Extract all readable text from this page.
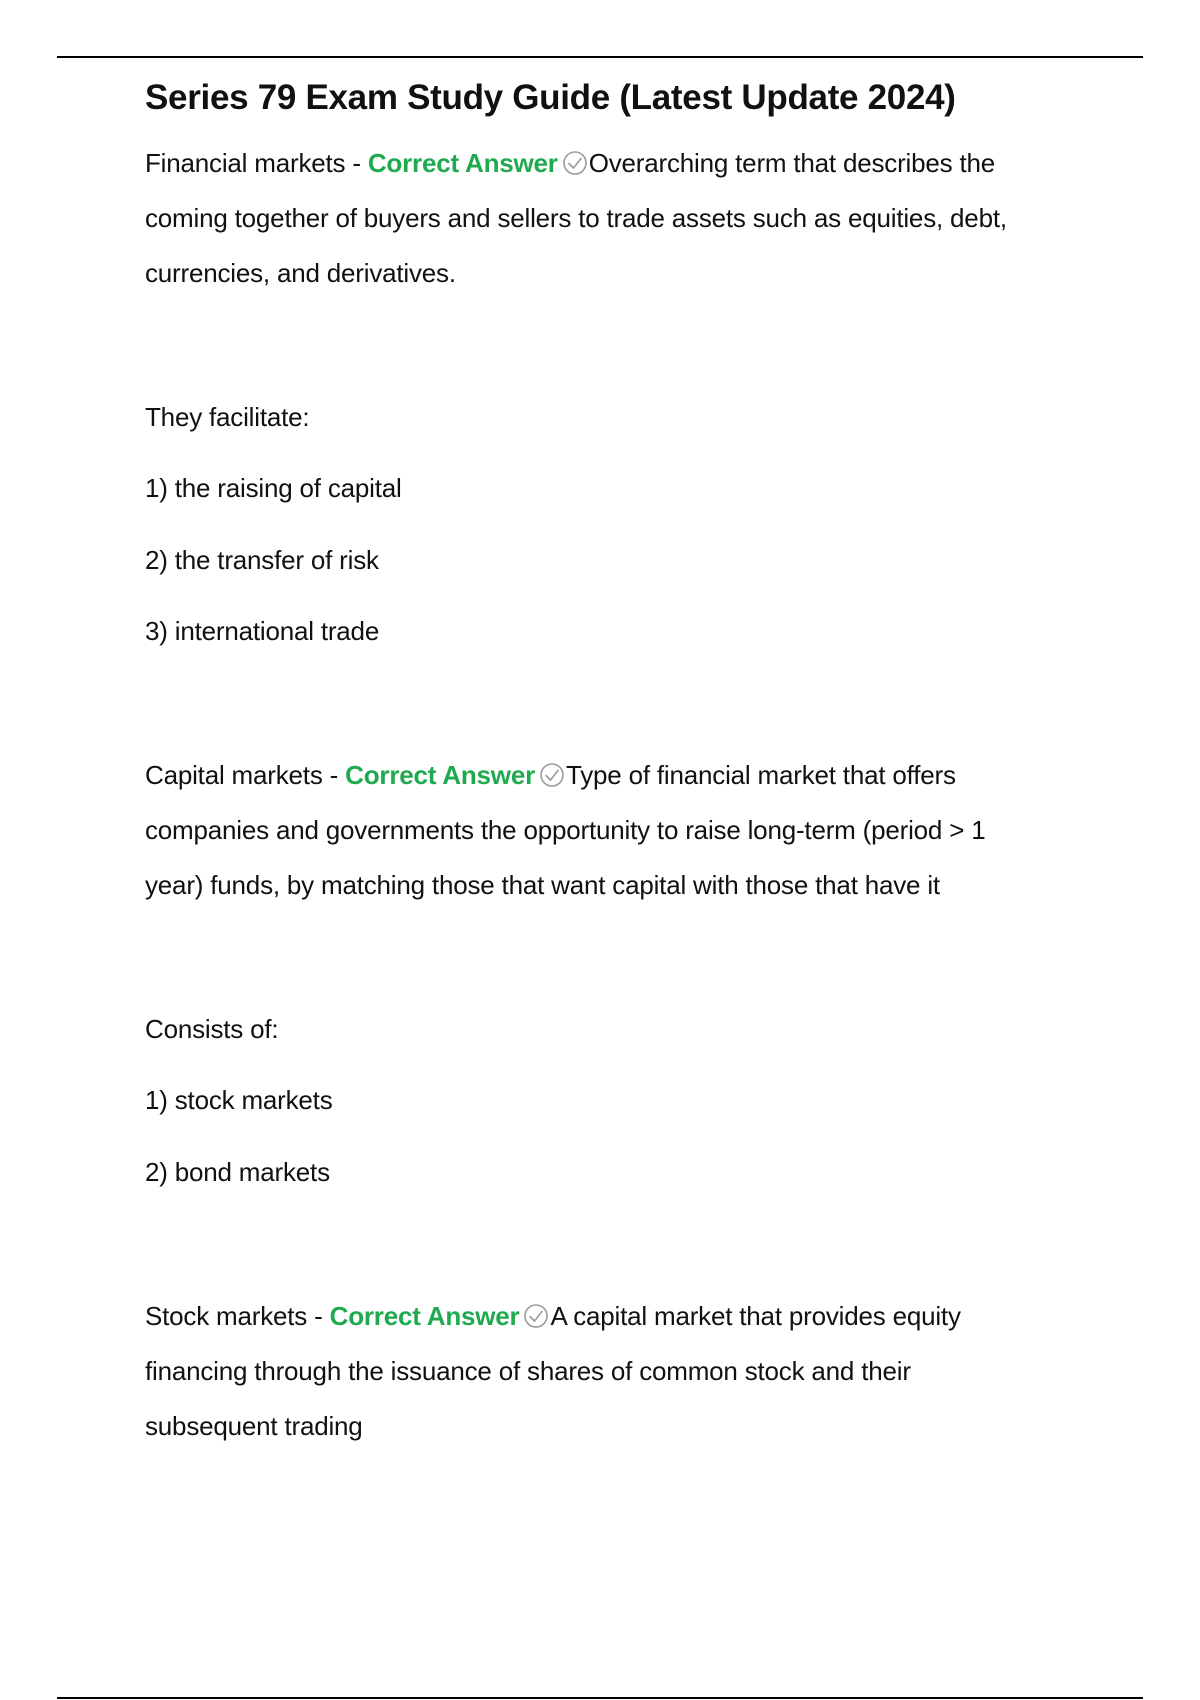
Series 79 Exam Study Guide (Latest Update 2024)

Financial markets - Correct Answer Overarching term that describes the

coming together of buyers and sellers to trade assets such as equities, debt,

currencies, and derivatives.

They facilitate:

1) the raising of capital

2) the transfer of risk

3) international trade

Capital markets - Correct Answer Type of financial market that offers

companies and governments the opportunity to raise long-term (period > 1

year) funds, by matching those that want capital with those that have it

Consists of:

1) stock markets

2) bond markets

Stock markets - Correct Answer A capital market that provides equity

financing through the issuance of shares of common stock and their

subsequent trading
